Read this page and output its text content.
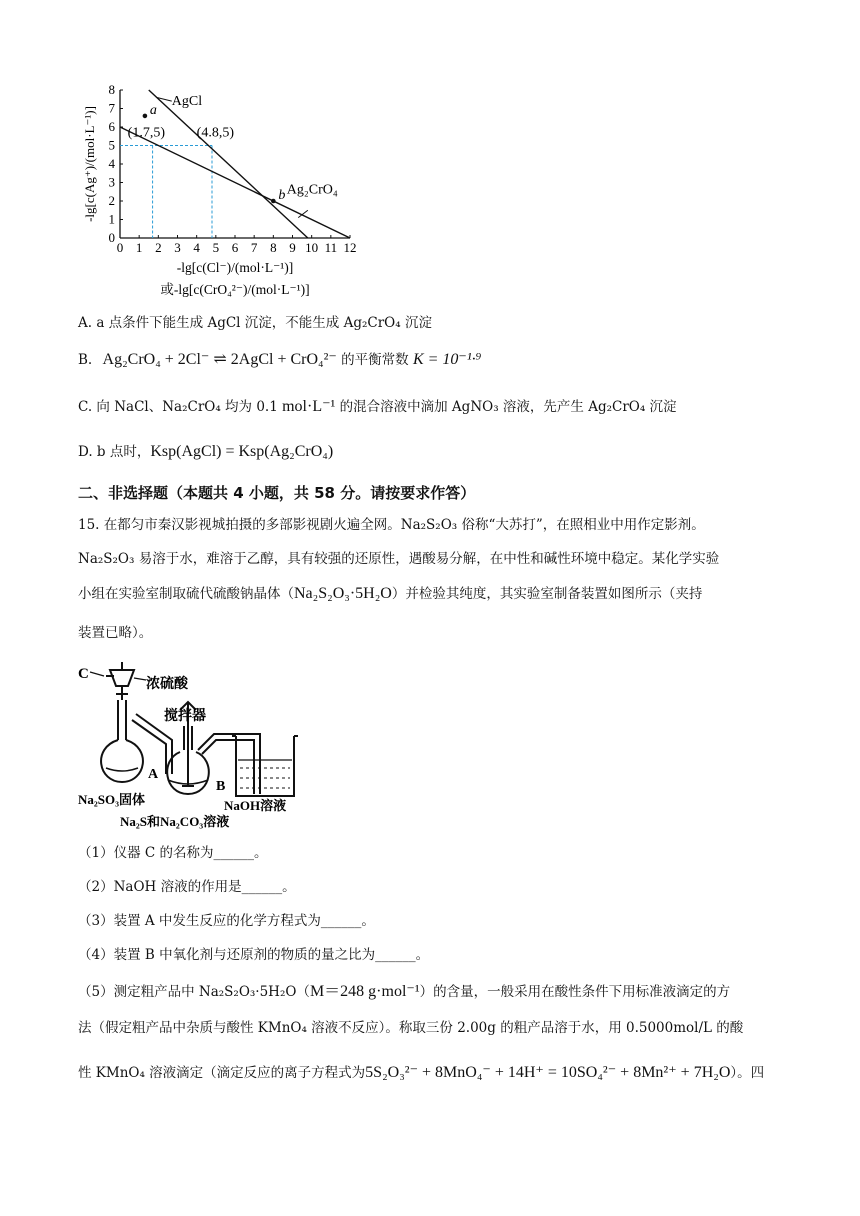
0 1 2 3 4 5 6 7 8 9 10 11 12
0
1
2
3
4
5
6
7
8
AgCl
Ag₂CrO₄
a
b
(1.7,5) (4.8,5)
-lg[c(Ag⁺)/(mol·L⁻¹)]
-lg[c(Cl⁻)/(mol·L⁻¹)]
或-lg[c(CrO₄²⁻)/(mol·L⁻¹)]
A. a 点条件下能生成 AgCl 沉淀，不能生成 Ag₂CrO₄ 沉淀
B. Ag₂CrO₄ + 2Cl⁻ ⇌ 2AgCl + CrO₄²⁻ 的平衡常数 K = 10⁻¹·⁹
C. 向 NaCl、Na₂CrO₄ 均为 0.1 mol·L⁻¹ 的混合溶液中滴加 AgNO₃ 溶液，先产生 Ag₂CrO₄ 沉淀
D. b 点时，Ksp(AgCl) = Ksp(Ag₂CrO₄)
二、非选择题（本题共 4 小题，共 58 分。请按要求作答）
15. 在都匀市秦汉影视城拍摄的多部影视剧火遍全网。Na₂S₂O₃ 俗称“大苏打”，在照相业中用作定影剂。
Na₂S₂O₃ 易溶于水，难溶于乙醇，具有较强的还原性，遇酸易分解，在中性和碱性环境中稳定。某化学实验
小组在实验室制取硫代硫酸钠晶体（Na₂S₂O₃·5H₂O）并检验其纯度，其实验室制备装置如图所示（夹持
装置已略）。
C
浓硫酸
搅拌器
A
B
Na₂SO₃固体	NaOH溶液
Na₂S和Na₂CO₃溶液
（1）仪器 C 的名称为______。
（2）NaOH 溶液的作用是______。
（3）装置 A 中发生反应的化学方程式为______。
（4）装置 B 中氧化剂与还原剂的物质的量之比为______。
（5）测定粗产品中 Na₂S₂O₃·5H₂O（M＝248 g·mol⁻¹）的含量，一般采用在酸性条件下用标准液滴定的方
法（假定粗产品中杂质与酸性 KMnO₄ 溶液不反应）。称取三份 2.00g 的粗产品溶于水，用 0.5000mol/L 的酸
性 KMnO₄ 溶液滴定（滴定反应的离子方程式为5S₂O₃²⁻ + 8MnO₄⁻ + 14H⁺ = 10SO₄²⁻ + 8Mn²⁺ + 7H₂O）。四
